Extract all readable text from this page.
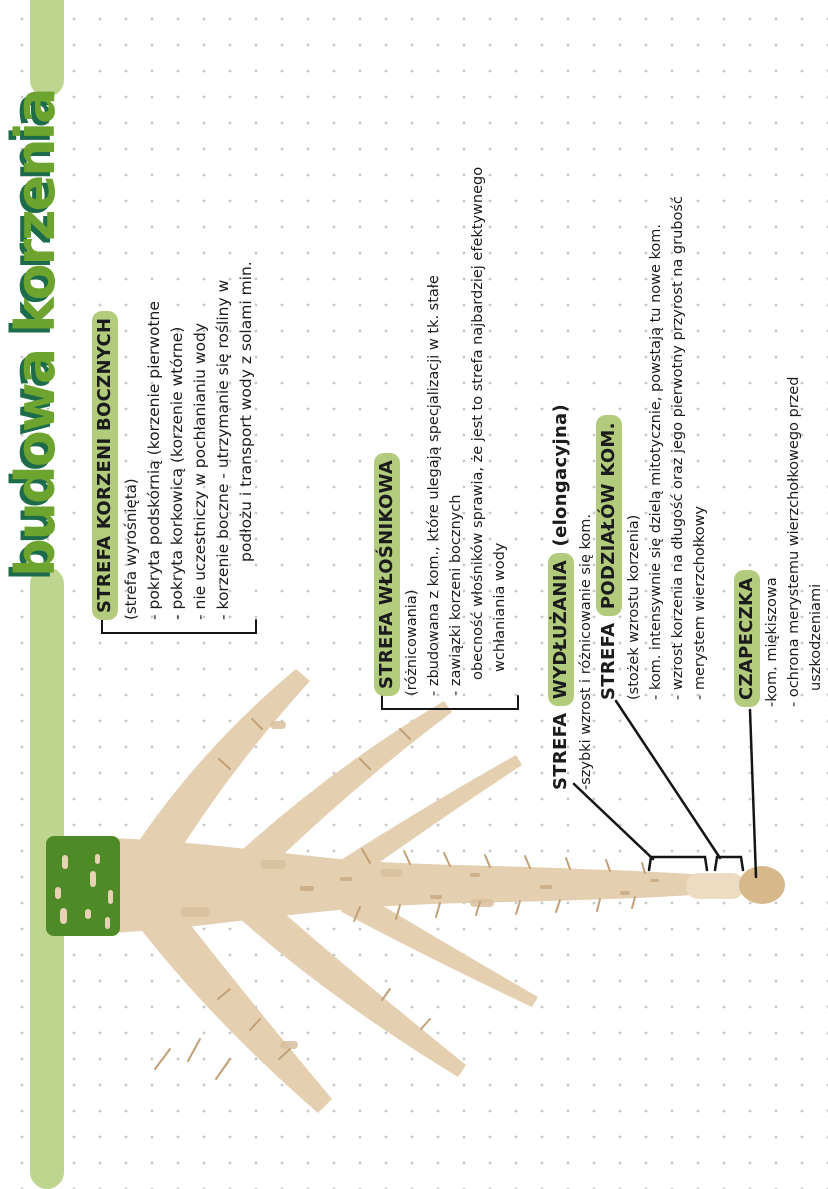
budowa korzenia STREFA KORZENI BOCZNYCH (strefa wyrośnięta) - pokryta podskórnią (korzenie pierwotne - pokryta korkowicą (korzenie wtórne) - nie uczestniczy w pochłanianiu wody - korzenie boczne - utrzymanie się rośliny w podłożu i transport wody z solami min.
STREFA WŁOŚNIKOWA (różnicowania) - zbudowana z kom., które ulegają specjalizacji w tk. stałe - zawiązki korzeni bocznych obecność włośników sprawia, że jest to strefa najbardziej efektywnego wchłaniania wody
STREFA WYDŁUŻANIA (elongacyjna)
-szybki wzrost i różnicowanie się kom. STREFA PODZIAŁÓW KOM. (stożek wzrostu korzenia) - kom. intensywnie się dzielą mitotycznie, powstają tu nowe kom. - wzrost korzenia na długość oraz jego pierwotny przyrost na grubość - merystem wierzchołkowy	CZAPECZKA -kom. miękiszowa - ochrona merystemu wierzchołkowego przed uszkodzeniami
